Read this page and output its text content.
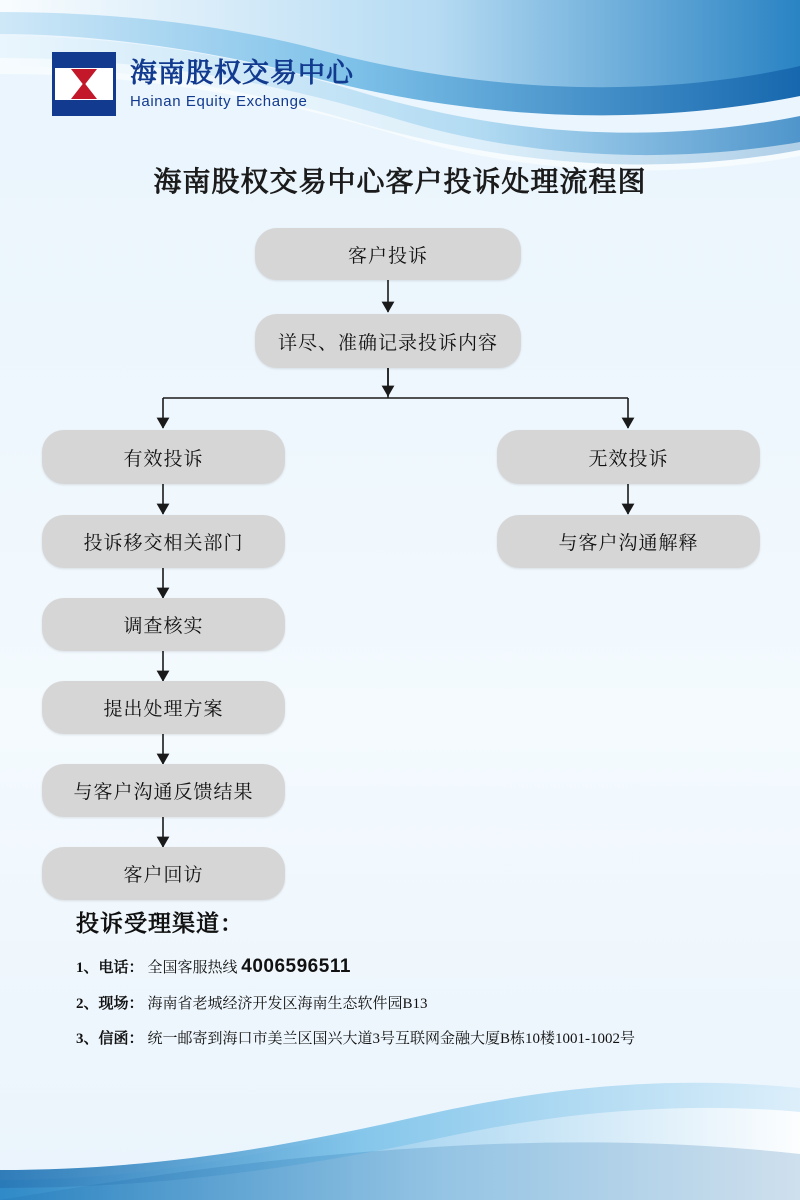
海南股权交易中心
Hainan Equity Exchange
海南股权交易中心客户投诉处理流程图
客户投诉
详尽、准确记录投诉内容
有效投诉	无效投诉
投诉移交相关部门	与客户沟通解释
调查核实
提出处理方案
与客户沟通反馈结果
客户回访
投诉受理渠道：
1、电话： 全国客服热线 4006596511
2、现场： 海南省老城经济开发区海南生态软件园B13
3、信函： 统一邮寄到海口市美兰区国兴大道3号互联网金融大厦B栋10楼1001-1002号
